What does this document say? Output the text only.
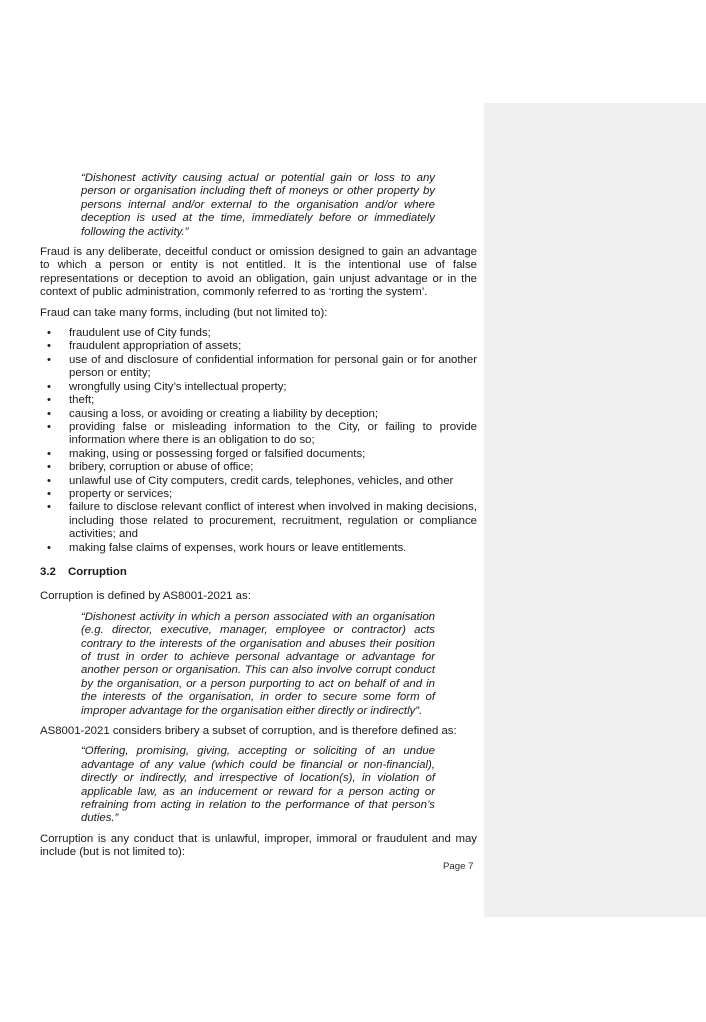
“Dishonest activity causing actual or potential gain or loss to any person or organisation including theft of moneys or other property by persons internal and/or external to the organisation and/or where deception is used at the time, immediately before or immediately following the activity.”

Fraud is any deliberate, deceitful conduct or omission designed to gain an advantage to which a person or entity is not entitled. It is the intentional use of false representations or deception to avoid an obligation, gain unjust advantage or in the context of public administration, commonly referred to as ‘rorting the system’.

Fraud can take many forms, including (but not limited to):

• fraudulent use of City funds;
• fraudulent appropriation of assets;
• use of and disclosure of confidential information for personal gain or for another person or entity;
• wrongfully using City’s intellectual property;
• theft;
• causing a loss, or avoiding or creating a liability by deception;
• providing false or misleading information to the City, or failing to provide information where there is an obligation to do so;
• making, using or possessing forged or falsified documents;
• bribery, corruption or abuse of office;
• unlawful use of City computers, credit cards, telephones, vehicles, and other
• property or services;
• failure to disclose relevant conflict of interest when involved in making decisions, including those related to procurement, recruitment, regulation or compliance activities; and
• making false claims of expenses, work hours or leave entitlements.
3.2 Corruption

Corruption is defined by AS8001-2021 as:

“Dishonest activity in which a person associated with an organisation (e.g. director, executive, manager, employee or contractor) acts contrary to the interests of the organisation and abuses their position of trust in order to achieve personal advantage or advantage for another person or organisation. This can also involve corrupt conduct by the organisation, or a person purporting to act on behalf of and in the interests of the organisation, in order to secure some form of improper advantage for the organisation either directly or indirectly”.

AS8001-2021 considers bribery a subset of corruption, and is therefore defined as:

“Offering, promising, giving, accepting or soliciting of an undue advantage of any value (which could be financial or non-financial), directly or indirectly, and irrespective of location(s), in violation of applicable law, as an inducement or reward for a person acting or refraining from acting in relation to the performance of that person’s duties.”

Corruption is any conduct that is unlawful, improper, immoral or fraudulent and may include (but is not limited to):

Page 7
